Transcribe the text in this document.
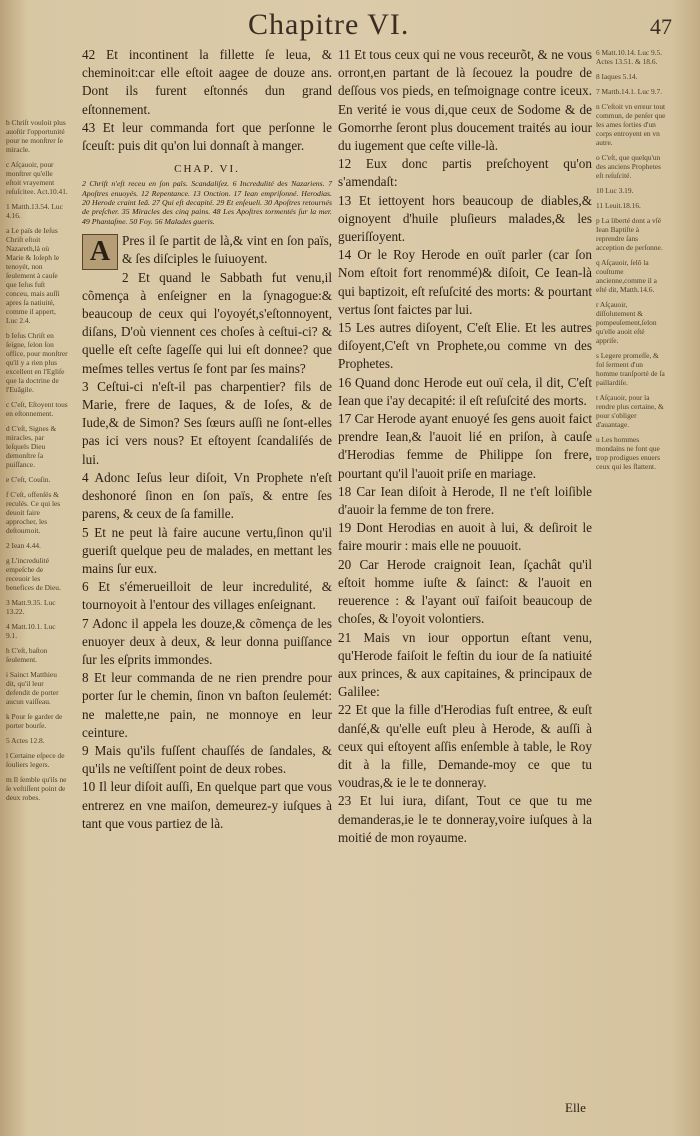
Chapitre VI.	47
b Chriſt vouloit plus auoſtir l'opportunité pour ne monſtrer ſe miracle.
c Aſçauoir, pour monſtrer qu'elle eſtoit vrayement reſuſcitee. Act.10.41.
1 Matth.13.54. Luc 4.16.
a Le païs de Ieſus Chriſt eſtoit Nazareth,là où Marie & Ioſeph le tenoyét, non ſeulement à cauſe que Ieſus fuſt conceu, mais auſſi apres ſa natiuité, comme il appert, Luc 2.4.
b Ieſus Chriſt en ſeigne, ſelon ſon office, pour monſtrer qu'il y a rien plus excellent en l'Egliſe que la doctrine de l'Euãgile.
c C'eſt, Eſtoyent tous en eſtonnement.
d C'eſt, Signes & miracles, par leſquels Dieu demonſtre ſa puiſſance.
e C'eſt, Couſin.
f C'eſt, offenſés & reculés. Ce qui les deuoit faire approcher, les deſtournoit.
2 Iean 4.44.
g L'incredulité empeſche de receuoir les benefices de Dieu.
3 Matt.9.35. Luc 13.22.
4 Matt.10.1. Luc 9.1.
h C'eſt, baſton ſeulement.
i Sainct Matthieu dit, qu'il leur defendit de porter aucun vaiſſeau.
k Pour ſe garder de porter bourſe.
5 Actes 12.8.
l Certaine eſpece de ſouliers legers.
m Il ſemble qu'ils ne ſe veſtiſſent point de deux robes.

42 Et incontinent la fillette ſe leua, & cheminoit:car elle eſtoit aagee de douze ans. Dont ils furent eſtonnés dun grand eſtonnement.

43 Et leur commanda fort que perſonne le ſceuſt: puis dit qu'on lui donnaſt à manger.

CHAP. VI.
2 Chriſt n'eſt receu en ſon païs. Scandaliſez. 6 Incredulité des Nazariens. 7 Apoſtres enuoyés. 12 Repentance. 13 Onction. 17 Iean empriſonné. Herodias. 20 Herode craint Ieã. 27 Qui eſt decapité. 29 Et enſeueli. 30 Apoſtres retournés de preſcher. 35 Miracles des cinq pains. 48 Les Apoſtres tormentés ſur la mer. 49 Phantaſme. 50 Foy. 56 Malades gueris.
A Pres il ſe partit de là,& vint en ſon païs, & ſes diſciples le ſuiuoyent.

2 Et quand le Sabbath fut venu,il cõmença à enſeigner en la ſynagogue:& beaucoup de ceux qui l'oyoyét,s'eſtonnoyent, diſans, D'où viennent ces choſes à ceſtui-ci? & quelle eſt ceſte ſageſſe qui lui eſt donnee? que meſmes telles vertus ſe font par ſes mains?

3 Ceſtui-ci n'eſt-il pas charpentier? fils de Marie, frere de Iaques, & de Ioſes, & de Iude,& de Simon? Ses ſœurs auſſi ne ſont-elles pas ici vers nous? Et eſtoyent ſcandaliſés de lui.

4 Adonc Ieſus leur diſoit, Vn Prophete n'eſt deshonoré ſinon en ſon païs, & entre ſes parens, & ceux de ſa famille.

5 Et ne peut là faire aucune vertu,ſinon qu'il gueriſt quelque peu de malades, en mettant les mains ſur eux.

6 Et s'émerueilloit de leur incredulité, & tournoyoit à l'entour des villages enſeignant.

7 Adonc il appela les douze,& cõmença de les enuoyer deux à deux, & leur donna puiſſance ſur les eſprits immondes.

8 Et leur commanda de ne rien prendre pour porter ſur le chemin, ſinon vn baſton ſeulemét: ne malette,ne pain, ne monnoye en leur ceinture.

9 Mais qu'ils fuſſent chauſſés de ſandales, & qu'ils ne veſtiſſent point de deux robes.

10 Il leur diſoit auſſi, En quelque part que vous entrerez en vne maiſon, demeurez-y iuſques à tant que vous partiez de là.

11 Et tous ceux qui ne vous receurõt, & ne vous orront,en partant de là ſecouez la poudre de deſſous vos pieds, en teſmoignage contre iceux. En verité ie vous di,que ceux de Sodome & de Gomorrhe ſeront plus doucement traités au iour du iugement que ceſte ville-là.

12 Eux donc partis preſchoyent qu'on s'amendaſt:

13 Et iettoyent hors beaucoup de diables,& oignoyent d'huile pluſieurs malades,& les gueriſſoyent.

14 Or le Roy Herode en ouït parler (car ſon Nom eſtoit fort renommé)& diſoit, Ce Iean-là qui baptizoit, eſt reſuſcité des morts: & pourtant vertus ſont faictes par lui.

15 Les autres diſoyent, C'eſt Elie. Et les autres diſoyent,C'eſt vn Prophete,ou comme vn des Prophetes.

16 Quand donc Herode eut ouï cela, il dit, C'eſt Iean que i'ay decapité: il eſt reſuſcité des morts.

17 Car Herode ayant enuoyé ſes gens auoit faict prendre Iean,& l'auoit lié en priſon, à cauſe d'Herodias femme de Philippe ſon frere, pourtant qu'il l'auoit priſe en mariage.

18 Car Iean diſoit à Herode, Il ne t'eſt loiſible d'auoir la femme de ton frere.

19 Dont Herodias en auoit à lui, & deſiroit le faire mourir : mais elle ne pouuoit.

20 Car Herode craignoit Iean, ſçachât qu'il eſtoit homme iuſte & ſainct: & l'auoit en reuerence : & l'ayant ouï faiſoit beaucoup de choſes, & l'oyoit volontiers.

21 Mais vn iour opportun eſtant venu, qu'Herode faiſoit le feſtin du iour de ſa natiuité aux princes, & aux capitaines, & principaux de Galilee:

22 Et que la fille d'Herodias fuſt entree, & euſt danſé,& qu'elle euſt pleu à Herode, & auſſi à ceux qui eſtoyent aſſis enſemble à table, le Roy dit à la fille, Demande-moy ce que tu voudras,& ie le te donneray.

23 Et lui iura, diſant, Tout ce que tu me demanderas,ie le te donneray,voire iuſques à la moitié de mon royaume.

6 Matt.10.14. Luc 9.5. Actes 13.51. & 18.6.
8 Iaques 5.14.
7 Matth.14.1. Luc 9.7.
n C'eſtoit vn erreur tout commun, de penſer que les ames ſorties d'un corps entroyent en vn autre.
o C'eſt, que quelqu'un des anciens Prophetes eſt reſuſcité.
10 Luc 3.19.
11 Leuit.18.16.
p La liberté dont a vſé Iean Baptiſte à reprendre ſans acception de perſonne.
q Aſçauoir, ſelõ la couſtume ancienne,comme il a eſté dit, Matth.14.6.
r Aſçauoir, diſſolutement & pompeuſement,ſelon qu'elle auoit eſté appriſe.
s Legere promeſſe, & fol ſerment d'un homme tranſporté de ſa paillardiſe.
t Aſçauoir, pour la rendre plus certaine, & pour s'obliger d'auantage.
u Les hommes mondains ne font que trop prodigues enuers ceux qui les flattent.
Elle
